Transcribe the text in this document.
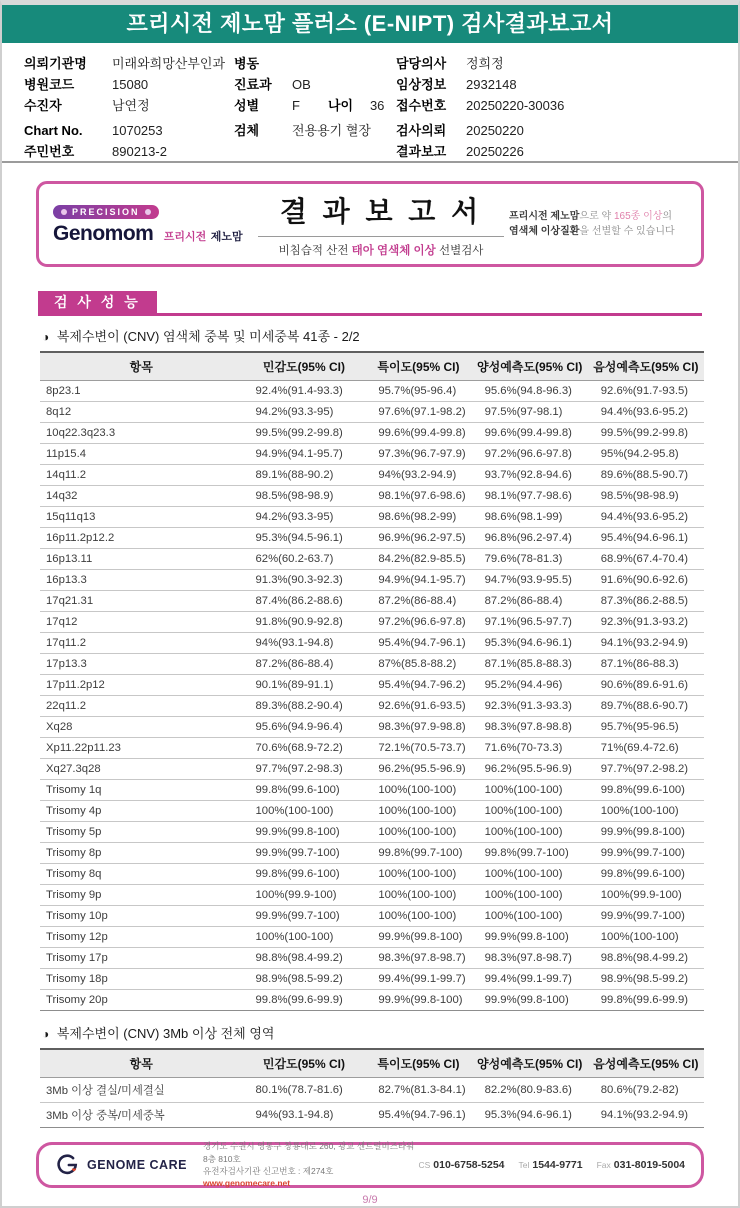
프리시전 제노맘 플러스 (E-NIPT) 검사결과보고서
의뢰기관명	미래와희망산부인과
병원코드	15080
수진자	남연정
Chart No.	1070253
주민번호	890213-2
병동
진료과	OB
성별	F 나이	36
검체	전용용기 혈장
담당의사	정희정
임상정보	2932148
접수번호	20250220-30036
검사의뢰	20250220
결과보고	20250226
PRECISION
Genomom 프리시전 제노맘
결 과 보 고 서
비침습적 산전 태아 염색체 이상 선별검사
프리시전 제노맘으로 약 165종 이상의
염색체 이상질환을 선별할 수 있습니다
검 사 성 능
◑ 복제수변이 (CNV) 염색체 중복 및 미세중복 41종 - 2/2
항목	민감도(95% CI)	특이도(95% CI)	양성예측도(95% CI)	음성예측도(95% CI)
8p23.1	92.4%(91.4-93.3)	95.7%(95-96.4)	95.6%(94.8-96.3)	92.6%(91.7-93.5)
8q12	94.2%(93.3-95)	97.6%(97.1-98.2)	97.5%(97-98.1)	94.4%(93.6-95.2)
10q22.3q23.3	99.5%(99.2-99.8)	99.6%(99.4-99.8)	99.6%(99.4-99.8)	99.5%(99.2-99.8)
11p15.4	94.9%(94.1-95.7)	97.3%(96.7-97.9)	97.2%(96.6-97.8)	95%(94.2-95.8)
14q11.2	89.1%(88-90.2)	94%(93.2-94.9)	93.7%(92.8-94.6)	89.6%(88.5-90.7)
14q32	98.5%(98-98.9)	98.1%(97.6-98.6)	98.1%(97.7-98.6)	98.5%(98-98.9)
15q11q13	94.2%(93.3-95)	98.6%(98.2-99)	98.6%(98.1-99)	94.4%(93.6-95.2)
16p11.2p12.2	95.3%(94.5-96.1)	96.9%(96.2-97.5)	96.8%(96.2-97.4)	95.4%(94.6-96.1)
16p13.11	62%(60.2-63.7)	84.2%(82.9-85.5)	79.6%(78-81.3)	68.9%(67.4-70.4)
16p13.3	91.3%(90.3-92.3)	94.9%(94.1-95.7)	94.7%(93.9-95.5)	91.6%(90.6-92.6)
17q21.31	87.4%(86.2-88.6)	87.2%(86-88.4)	87.2%(86-88.4)	87.3%(86.2-88.5)
17q12	91.8%(90.9-92.8)	97.2%(96.6-97.8)	97.1%(96.5-97.7)	92.3%(91.3-93.2)
17q11.2	94%(93.1-94.8)	95.4%(94.7-96.1)	95.3%(94.6-96.1)	94.1%(93.2-94.9)
17p13.3	87.2%(86-88.4)	87%(85.8-88.2)	87.1%(85.8-88.3)	87.1%(86-88.3)
17p11.2p12	90.1%(89-91.1)	95.4%(94.7-96.2)	95.2%(94.4-96)	90.6%(89.6-91.6)
22q11.2	89.3%(88.2-90.4)	92.6%(91.6-93.5)	92.3%(91.3-93.3)	89.7%(88.6-90.7)
Xq28	95.6%(94.9-96.4)	98.3%(97.9-98.8)	98.3%(97.8-98.8)	95.7%(95-96.5)
Xp11.22p11.23	70.6%(68.9-72.2)	72.1%(70.5-73.7)	71.6%(70-73.3)	71%(69.4-72.6)
Xq27.3q28	97.7%(97.2-98.3)	96.2%(95.5-96.9)	96.2%(95.5-96.9)	97.7%(97.2-98.2)
Trisomy 1q	99.8%(99.6-100)	100%(100-100)	100%(100-100)	99.8%(99.6-100)
Trisomy 4p	100%(100-100)	100%(100-100)	100%(100-100)	100%(100-100)
Trisomy 5p	99.9%(99.8-100)	100%(100-100)	100%(100-100)	99.9%(99.8-100)
Trisomy 8p	99.9%(99.7-100)	99.8%(99.7-100)	99.8%(99.7-100)	99.9%(99.7-100)
Trisomy 8q	99.8%(99.6-100)	100%(100-100)	100%(100-100)	99.8%(99.6-100)
Trisomy 9p	100%(99.9-100)	100%(100-100)	100%(100-100)	100%(99.9-100)
Trisomy 10p	99.9%(99.7-100)	100%(100-100)	100%(100-100)	99.9%(99.7-100)
Trisomy 12p	100%(100-100)	99.9%(99.8-100)	99.9%(99.8-100)	100%(100-100)
Trisomy 17p	98.8%(98.4-99.2)	98.3%(97.8-98.7)	98.3%(97.8-98.7)	98.8%(98.4-99.2)
Trisomy 18p	98.9%(98.5-99.2)	99.4%(99.1-99.7)	99.4%(99.1-99.7)	98.9%(98.5-99.2)
Trisomy 20p	99.8%(99.6-99.9)	99.9%(99.8-100)	99.9%(99.8-100)	99.8%(99.6-99.9)
◑ 복제수변이 (CNV) 3Mb 이상 전체 영역
항목	민감도(95% CI)	특이도(95% CI)	양성예측도(95% CI)	음성예측도(95% CI)
3Mb 이상 결실/미세결실	80.1%(78.7-81.6)	82.7%(81.3-84.1)	82.2%(80.9-83.6)	80.6%(79.2-82)
3Mb 이상 중복/미세중복	94%(93.1-94.8)	95.4%(94.7-96.1)	95.3%(94.6-96.1)	94.1%(93.2-94.9)
GENOME CARE
경기도 수원시 영통구 창룡대로 260, 광교 센트럴비즈타워 8층 810호
유전자검사기관 신고번호 : 제274호
www.genomecare.net
CS 010-6758-5254 Tel 1544-9771 Fax 031-8019-5004
9/9
